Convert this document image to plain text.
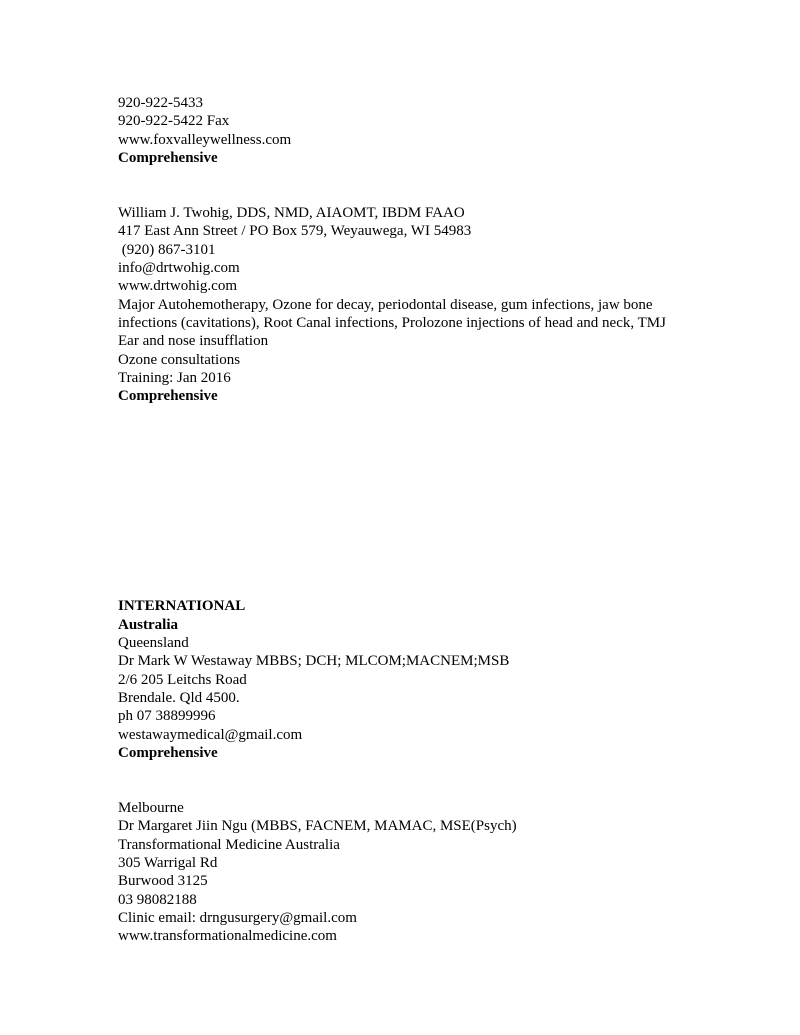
920-922-5433
920-922-5422 Fax
www.foxvalleywellness.com
Comprehensive
William J. Twohig, DDS, NMD, AIAOMT, IBDM FAAO
417 East Ann Street / PO Box 579, Weyauwega, WI 54983
(920) 867-3101
info@drtwohig.com
www.drtwohig.com
Major Autohemotherapy, Ozone for decay, periodontal disease, gum infections, jaw bone
infections (cavitations), Root Canal infections, Prolozone injections of head and neck, TMJ
Ear and nose insufflation
Ozone consultations
Training: Jan 2016
Comprehensive
INTERNATIONAL
Australia
Queensland
Dr Mark W Westaway MBBS; DCH; MLCOM;MACNEM;MSB
2/6 205 Leitchs Road
Brendale. Qld 4500.
ph 07 38899996
westawaymedical@gmail.com
Comprehensive
Melbourne
Dr Margaret Jiin Ngu (MBBS, FACNEM, MAMAC, MSE(Psych)
Transformational Medicine Australia
305 Warrigal Rd
Burwood 3125
03 98082188
Clinic email: drngusurgery@gmail.com
www.transformationalmedicine.com
